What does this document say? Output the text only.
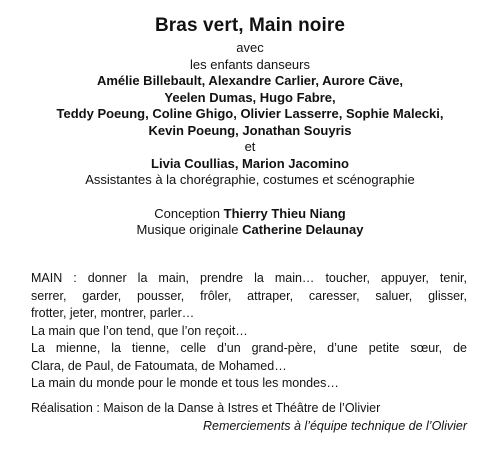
Bras vert, Main noire
avec
les enfants danseurs
Amélie Billebault, Alexandre Carlier, Aurore Cäve,
Yeelen Dumas, Hugo Fabre,
Teddy Poeung, Coline Ghigo, Olivier Lasserre, Sophie Malecki,
Kevin Poeung, Jonathan Souyris
et
Livia Coullias, Marion Jacomino
Assistantes à la chorégraphie, costumes et scénographie
Conception Thierry Thieu Niang
Musique originale Catherine Delaunay
MAIN : donner la main, prendre la main… toucher, appuyer, tenir,
serrer, garder, pousser, frôler, attraper, caresser, saluer, glisser,
frotter, jeter, montrer, parler…
La main que l’on tend, que l’on reçoit…
La mienne, la tienne, celle d’un grand-père, d’une petite sœur, de
Clara, de Paul, de Fatoumata, de Mohamed…
La main du monde pour le monde et tous les mondes…
Réalisation : Maison de la Danse à Istres et Théâtre de l’Olivier
Remerciements à l’équipe technique de l’Olivier
